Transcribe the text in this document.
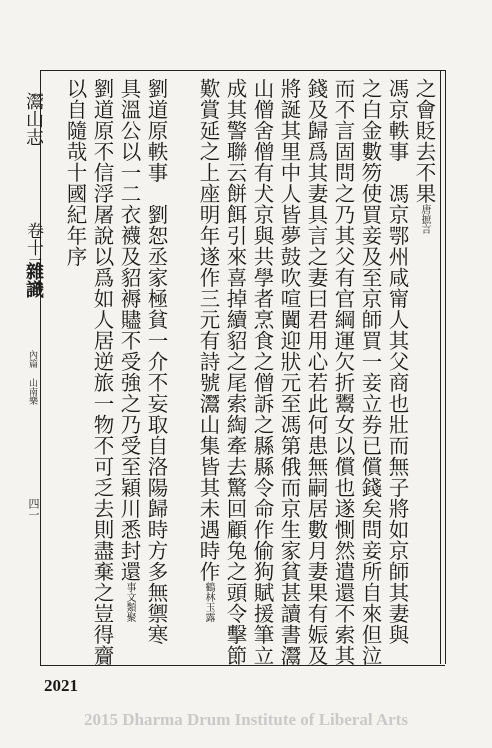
灊山志
卷十二
雜識
內篇
山南樂
四一
之會貶去不果唐摭言
馮京軼事　馮京鄂州咸甯人其父商也壯而無子將如京師其妻與
之白金數笏使買妾及至京師買一妾立券已償錢矣問妾所自來但泣
而不言固問之乃其父有官綱運欠折鬻女以償也遂惻然遣還不索其
錢及歸爲其妻具言之妻曰君用心若此何患無嗣居數月妻果有娠及
將誕其里中人皆夢鼓吹喧闐迎狀元至馮第俄而京生家貧甚讀書灊
山僧舍僧有犬京與共學者烹食之僧訴之縣縣令命作偷狗賦援筆立
成其警聯云餅餌引來喜掉續貂之尾索綯牽去驚回顧兔之頭令擊節
歎賞延之上座明年遂作三元有詩號灊山集皆其未遇時作鶴林玉露
劉道原軼事　劉恕丞家極貧一介不妄取自洛陽歸時方多無禦寒
具溫公以一二衣襪及貂褥贐不受強之乃受至穎川悉封還事文類聚
劉道原不信浮屠說以爲如人居逆旅一物不可乏去則盡棄之豈得齎
以自隨哉十國紀年序
2021
2015 Dharma Drum Institute of Liberal Arts
